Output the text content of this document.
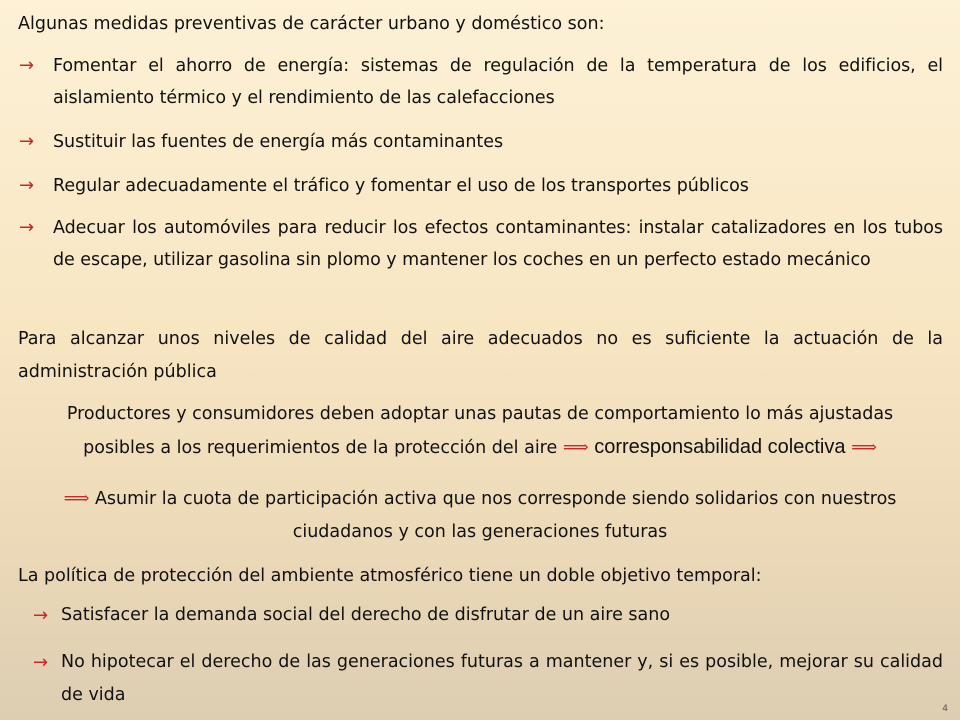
Algunas medidas preventivas de carácter urbano y doméstico son:

→ Fomentar el ahorro de energía: sistemas de regulación de la temperatura de los edificios, el aislamiento térmico y el rendimiento de las calefacciones

→ Sustituir las fuentes de energía más contaminantes

→ Regular adecuadamente el tráfico y fomentar el uso de los transportes públicos

→ Adecuar los automóviles para reducir los efectos contaminantes: instalar catalizadores en los tubos de escape, utilizar gasolina sin plomo y mantener los coches en un perfecto estado mecánico

Para alcanzar unos niveles de calidad del aire adecuados no es suficiente la actuación de la administración pública

Productores y consumidores deben adoptar unas pautas de comportamiento lo más ajustadas
posibles a los requerimientos de la protección del aire ⟹ corresponsabilidad colectiva ⟹
⟹ Asumir la cuota de participación activa que nos corresponde siendo solidarios con nuestros
ciudadanos y con las generaciones futuras

La política de protección del ambiente atmosférico tiene un doble objetivo temporal:

→ Satisfacer la demanda social del derecho de disfrutar de un aire sano

→ No hipotecar el derecho de las generaciones futuras a mantener y, si es posible, mejorar su calidad de vida

4
